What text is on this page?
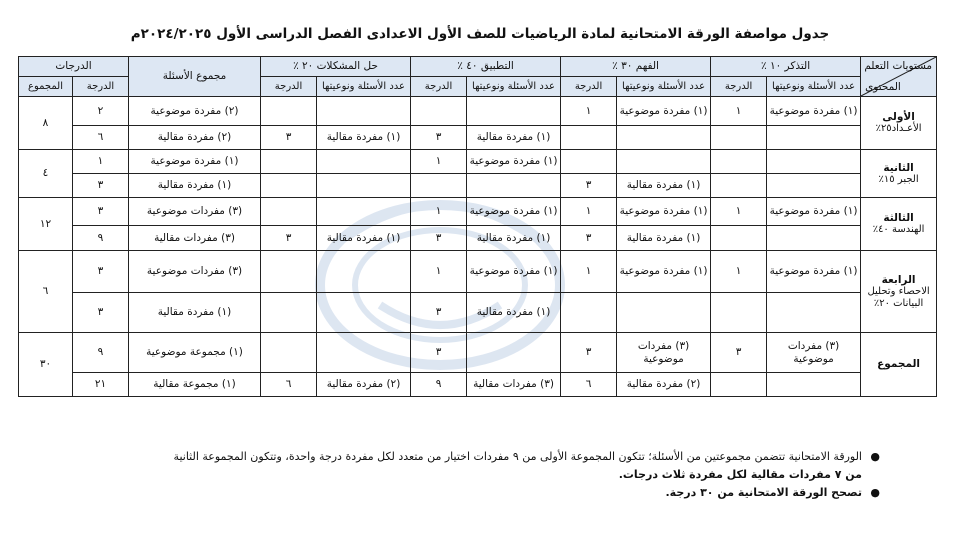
جدول مواصفة الورقة الامتحانية لمادة الرياضيات للصف الأول الاعدادى الفصل الدراسى الأول ٢٠٢٤/٢٠٢٥م
مستويات التعلم
المحتوى	التذكر ١٠ ٪		الفهم ٣٠ ٪		التطبيق ٤٠ ٪		حل المشكلات ٢٠ ٪		مجموع الأسئلة	الدرجات	
	عدد الأسئلة ونوعيتها	الدرجة	عدد الأسئلة ونوعيتها	الدرجة	عدد الأسئلة ونوعيتها	الدرجة	عدد الأسئلة ونوعيتها	الدرجة		الدرجة	المجموع

الأولى
الأعـداد٢٥٪	(١) مفردة موضوعية	١	(١) مفردة موضوعية	١					(٢) مفردة موضوعية	٢	٨
					(١) مفردة مقالية	٣	(١) مفردة مقالية	٣	(٢) مفردة مقالية	٦	

الثانية
الجبر ١٥٪					(١) مفردة موضوعية	١			(١) مفردة موضوعية	١	٤
			(١) مفردة مقالية	٣					(١) مفردة مقالية	٣	

الثالثة
الهندسة ٤٠٪	(١) مفردة موضوعية	١	(١) مفردة موضوعية	١	(١) مفردة موضوعية	١			(٣) مفردات موضوعية	٣	١٢
			(١) مفردة مقالية	٣	(١) مفردة مقالية	٣	(١) مفردة مقالية	٣	(٣) مفردات مقالية	٩	

الرابعة
الاحصاء وتحليل البيانات ٢٠٪	(١) مفردة موضوعية	١	(١) مفردة موضوعية	١	(١) مفردة موضوعية	١			(٣) مفردات موضوعية	٣	٦
					(١) مفردة مقالية	٣			(١) مفردة مقالية	٣	

المجموع	(٣) مفردات موضوعية	٣	(٣) مفردات موضوعية	٣		٣			(١) مجموعة موضوعية	٩	٣٠
			(٢) مفردة مقالية	٦	(٣) مفردات مقالية	٩	(٢) مفردة مقالية	٦	(١) مجموعة مقالية	٢١	
●
الورقة الامتحانية تتضمن مجموعتين من الأسئلة؛ تتكون المجموعة الأولى من ٩ مفردات اختيار من متعدد لكل مفردة درجة واحدة، وتتكون المجموعة الثانية
من ٧ مفردات مقالية لكل مفردة ثلاث درجات.
●
تصحح الورقة الامتحانية من ٣٠ درجة.
